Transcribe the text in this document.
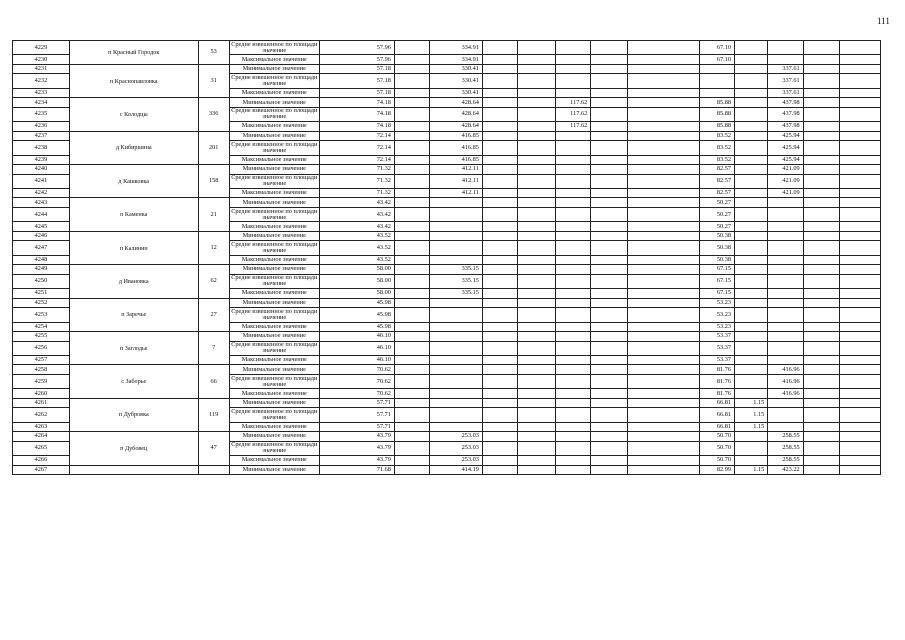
111
4229	п Красный Городок	53	Средне взвешенное по площади значение	57.96		334.91						67.10				
4230			Максимальное значение	57.96		334.91						67.10				
4231	п Краснопавловка	31	Минимальное значение	57.18		330.41								337.61		
4232			Средне взвешенное по площади значение	57.18		330.41								337.61		
4233			Максимальное значение	57.18		330.41								337.61		
4234	с Колодцы	336	Минимальное значение	74.18		428.64			117.62			85.88		437.98		
4235			Средне взвешенное по площади значение	74.18		428.64			117.62			85.88		437.98		
4236			Максимальное значение	74.18		428.64			117.62			85.88		437.98		
4237	д Кибиршина	201	Минимальное значение	72.14		416.85						83.52		425.94		
4238			Средне взвешенное по площади значение	72.14		416.85						83.52		425.94		
4239			Максимальное значение	72.14		416.85						83.52		425.94		
4240	д Кашковка	158	Минимальное значение	71.32		412.11						82.57		421.09		
4241			Средне взвешенное по площади значение	71.32		412.11						82.57		421.09		
4242			Максимальное значение	71.32		412.11						82.57		421.09		
4243	п Каменка	21	Минимальное значение	43.42								50.27				
4244			Средне взвешенное по площади значение	43.42								50.27				
4245			Максимальное значение	43.42								50.27				
4246	п Калинин	12	Минимальное значение	43.52								50.38				
4247			Средне взвешенное по площади значение	43.52								50.38				
4248			Максимальное значение	43.52								50.38				
4249	д Ивановка	62	Минимальное значение	58.00		335.15						67.15				
4250			Средне взвешенное по площади значение	58.00		335.15						67.15				
4251			Максимальное значение	58.00		335.15						67.15				
4252	п Заречье	27	Минимальное значение	45.98								53.23				
4253			Средне взвешенное по площади значение	45.98								53.23				
4254			Максимальное значение	45.98								53.23				
4255	п Заглодье	7	Минимальное значение	46.10								53.37				
4256			Средне взвешенное по площади значение	46.10								53.37				
4257			Максимальное значение	46.10								53.37				
4258	с Заборье	66	Минимальное значение	70.62								81.76		416.96		
4259			Средне взвешенное по площади значение	70.62								81.76		416.96		
4260			Максимальное значение	70.62								81.76		416.96		
4261	п Дубровка	119	Минимальное значение	57.71								66.81	1.15			
4262			Средне взвешенное по площади значение	57.71								66.81	1.15			
4263			Максимальное значение	57.71								66.81	1.15			
4264	п Дубовец	47	Минимальное значение	43.79		253.03						50.70		258.55		
4265			Средне взвешенное по площади значение	43.79		253.03						50.70		258.55		
4266			Максимальное значение	43.79		253.03						50.70		258.55		
4267			Минимальное значение	71.68		414.19						82.99	1.15	423.22		
